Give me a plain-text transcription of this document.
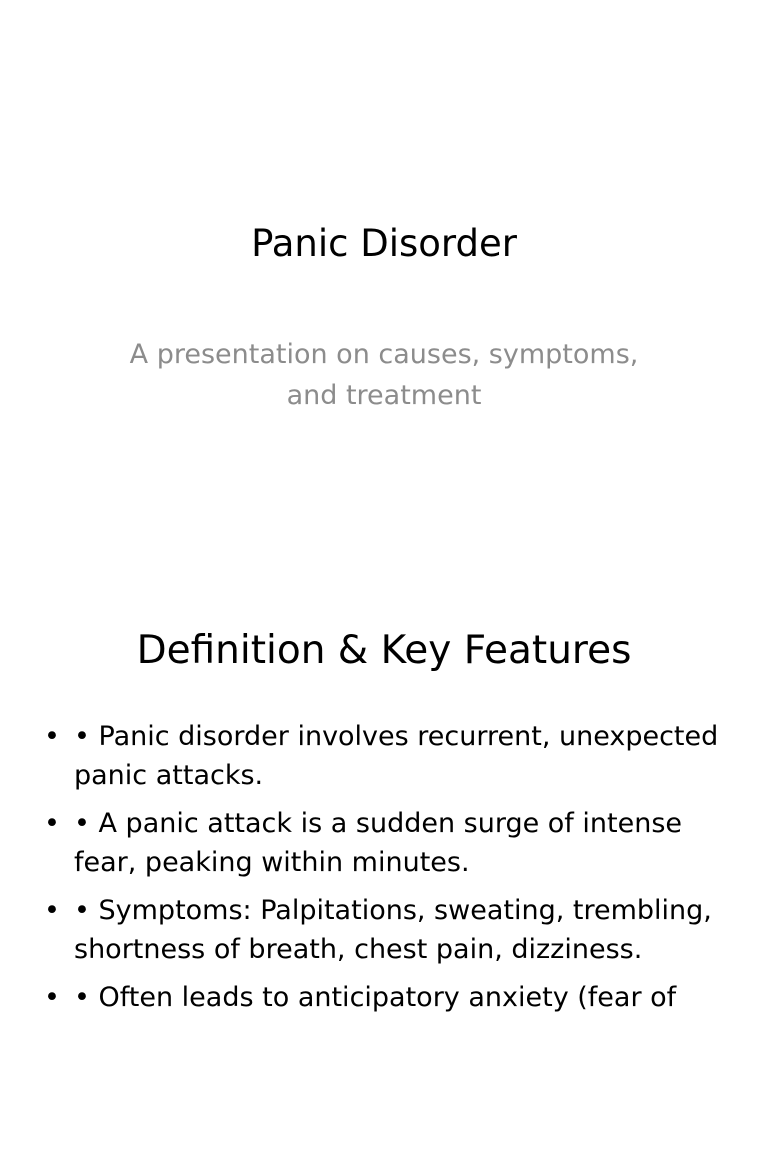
Panic Disorder
A presentation on causes, symptoms, and treatment
Definition & Key Features
• • Panic disorder involves recurrent, unexpected panic attacks.
• • A panic attack is a sudden surge of intense fear, peaking within minutes.
• • Symptoms: Palpitations, sweating, trembling, shortness of breath, chest pain, dizziness.
• • Often leads to anticipatory anxiety (fear of
